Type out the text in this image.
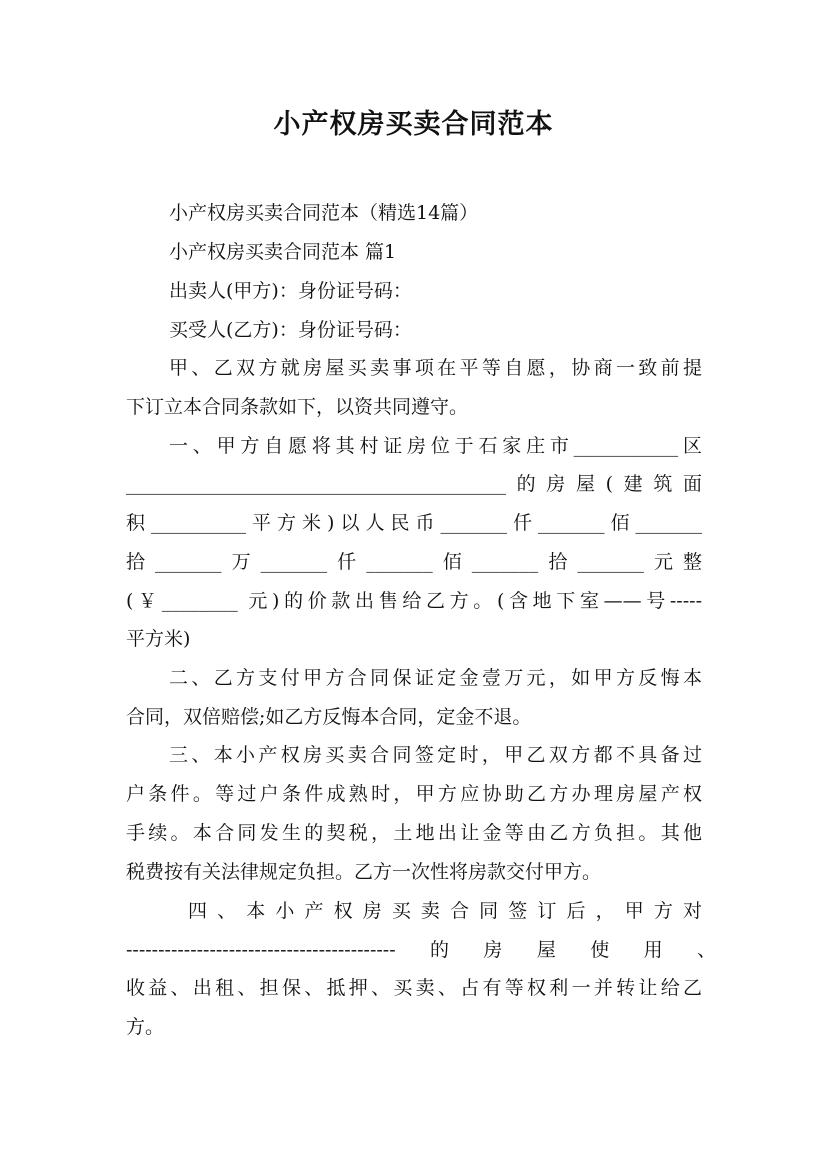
小产权房买卖合同范本
小产权房买卖合同范本（精选14篇）
小产权房买卖合同范本 篇1
出卖人(甲方)：身份证号码：
买受人(乙方)：身份证号码：
甲、乙双方就房屋买卖事项在平等自愿，协商一致前提
下订立本合同条款如下，以资共同遵守。
一、甲方自愿将其村证房位于石家庄市___________区
________________________________________的房屋(建筑面
积__________平方米)以人民币_______仟_______佰_______
拾_______万_______仟_______佰_______拾_______元整
(￥________ 元)的价款出售给乙方。(含地下室——号-----
平方米)
二、乙方支付甲方合同保证定金壹万元，如甲方反悔本
合同，双倍赔偿;如乙方反悔本合同，定金不退。
三、本小产权房买卖合同签定时，甲乙双方都不具备过
户条件。等过户条件成熟时，甲方应协助乙方办理房屋产权
手续。本合同发生的契税，土地出让金等由乙方负担。其他
税费按有关法律规定负担。乙方一次性将房款交付甲方。
四、本小产权房买卖合同签订后，甲方对
------------------------------------------的房屋使用、
收益、出租、担保、抵押、买卖、占有等权利一并转让给乙
方。
